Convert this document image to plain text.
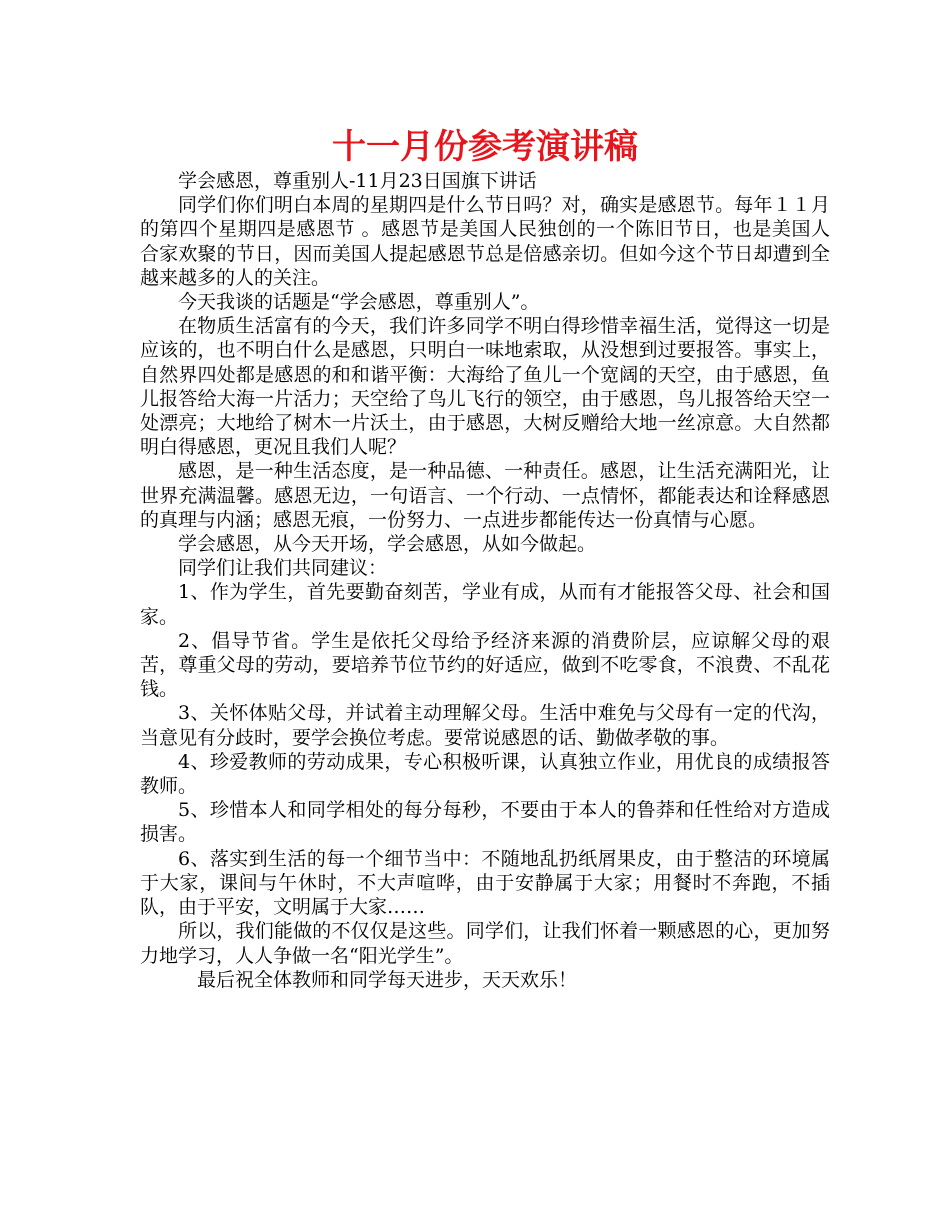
十一月份参考演讲稿

学会感恩，尊重别人-11月23日国旗下讲话

同学们你们明白本周的星期四是什么节日吗？对，确实是感恩节。每年１１月的第四个星期四是感恩节 。感恩节是美国人民独创的一个陈旧节日，也是美国人合家欢聚的节日，因而美国人提起感恩节总是倍感亲切。但如今这个节日却遭到全越来越多的人的关注。

今天我谈的话题是“学会感恩，尊重别人”。

在物质生活富有的今天，我们许多同学不明白得珍惜幸福生活，觉得这一切是应该的，也不明白什么是感恩，只明白一味地索取，从没想到过要报答。事实上，自然界四处都是感恩的和和谐平衡：大海给了鱼儿一个宽阔的天空，由于感恩，鱼儿报答给大海一片活力；天空给了鸟儿飞行的领空，由于感恩，鸟儿报答给天空一处漂亮；大地给了树木一片沃土，由于感恩，大树反赠给大地一丝凉意。大自然都明白得感恩，更况且我们人呢？

感恩，是一种生活态度，是一种品德、一种责任。感恩，让生活充满阳光，让世界充满温馨。感恩无边，一句语言、一个行动、一点情怀，都能表达和诠释感恩的真理与内涵；感恩无痕，一份努力、一点进步都能传达一份真情与心愿。

学会感恩，从今天开场，学会感恩，从如今做起。

同学们让我们共同建议：

1、作为学生，首先要勤奋刻苦，学业有成，从而有才能报答父母、社会和国家。

2、倡导节省。学生是依托父母给予经济来源的消费阶层，应谅解父母的艰苦，尊重父母的劳动，要培养节位节约的好适应，做到不吃零食，不浪费、不乱花钱。

3、关怀体贴父母，并试着主动理解父母。生活中难免与父母有一定的代沟，当意见有分歧时，要学会换位考虑。要常说感恩的话、勤做孝敬的事。

4、珍爱教师的劳动成果，专心积极听课，认真独立作业，用优良的成绩报答教师。

5、珍惜本人和同学相处的每分每秒，不要由于本人的鲁莽和任性给对方造成损害。

6、落实到生活的每一个细节当中：不随地乱扔纸屑果皮，由于整洁的环境属于大家，课间与午休时，不大声喧哗，由于安静属于大家；用餐时不奔跑，不插队，由于平安，文明属于大家……

所以，我们能做的不仅仅是这些。同学们，让我们怀着一颗感恩的心，更加努力地学习，人人争做一名“阳光学生”。

最后祝全体教师和同学每天进步，天天欢乐！
